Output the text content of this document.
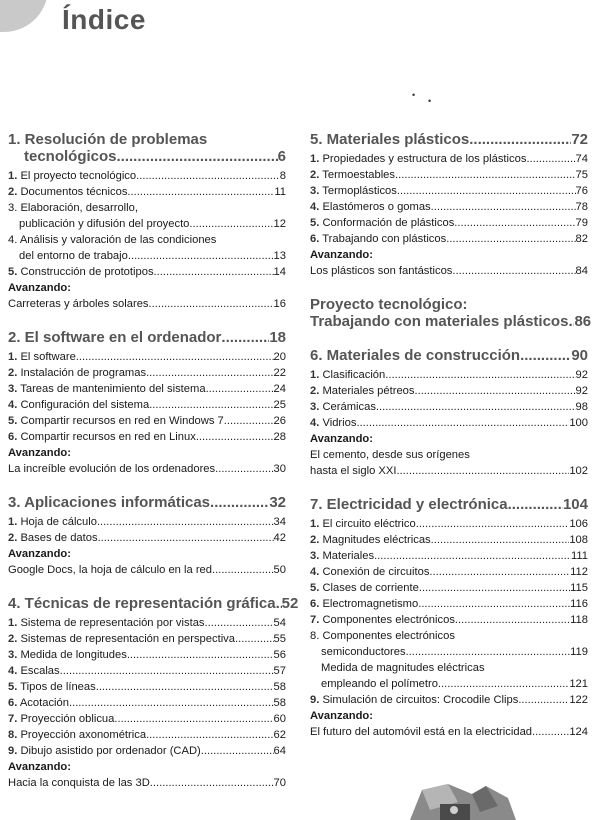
Índice
•
•
1. Resolución de problemas
tecnológicos .....	6
1. El proyecto tecnológico .....	8
2. Documentos técnicos .....	11
3. Elaboración, desarrollo,
publicación y difusión del proyecto .....	12
4. Análisis y valoración de las condiciones
del entorno de trabajo .....	13
5. Construcción de prototipos .....	14
Avanzando:
Carreteras y árboles solares .....	16
2. El software en el ordenador .....	18
1. El software .....	20
2. Instalación de programas .....	22
3. Tareas de mantenimiento del sistema .....	24
4. Configuración del sistema .....	25
5. Compartir recursos en red en Windows 7 .....	26
6. Compartir recursos en red en Linux .....	28
Avanzando:
La increíble evolución de los ordenadores .....	30
3. Aplicaciones informáticas .....	32
1. Hoja de cálculo .....	34
2. Bases de datos .....	42
Avanzando:
Google Docs, la hoja de cálculo en la red .....	50
4. Técnicas de representación gráfica ..... 52
1. Sistema de representación por vistas .....	54
2. Sistemas de representación en perspectiva .....	55
3. Medida de longitudes .....	56
4. Escalas .....	57
5. Tipos de líneas .....	58
6. Acotación .....	58
7. Proyección oblicua .....	60
8. Proyección axonométrica .....	62
9. Dibujo asistido por ordenador (CAD) .....	64
Avanzando:
Hacia la conquista de las 3D .....	70
5. Materiales plásticos .....	72
1. Propiedades y estructura de los plásticos .....	74
2. Termoestables .....	75
3. Termoplásticos .....	76
4. Elastómeros o gomas .....	78
5. Conformación de plásticos .....	79
6. Trabajando con plásticos .....	82
Avanzando:
Los plásticos son fantásticos .....	84
Proyecto tecnológico:
Trabajando con materiales plásticos ..... 86
6. Materiales de construcción .....	90
1. Clasificación .....	92
2. Materiales pétreos .....	92
3. Cerámicas .....	98
4. Vidrios .....	100
Avanzando:
El cemento, desde sus orígenes
hasta el siglo XXI .....	102
7. Electricidad y electrónica .....	104
1. El circuito eléctrico .....	106
2. Magnitudes eléctricas .....	108
3. Materiales .....	111
4. Conexión de circuitos .....	112
5. Clases de corriente .....	115
6. Electromagnetismo .....	116
7. Componentes electrónicos .....	118
8. Componentes electrónicos
semiconductores .....	119
Medida de magnitudes eléctricas
empleando el polímetro .....	121
9. Simulación de circuitos: Crocodile Clips .....	122
Avanzando:
El futuro del automóvil está en la electricidad .....	124
